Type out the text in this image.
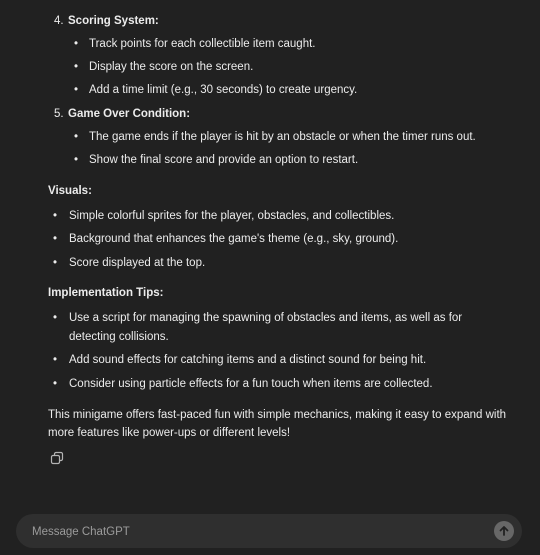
4. Scoring System:
• Track points for each collectible item caught.
• Display the score on the screen.
• Add a time limit (e.g., 30 seconds) to create urgency.
5. Game Over Condition:
• The game ends if the player is hit by an obstacle or when the timer runs out.
• Show the final score and provide an option to restart.
Visuals:
• Simple colorful sprites for the player, obstacles, and collectibles.
• Background that enhances the game's theme (e.g., sky, ground).
• Score displayed at the top.
Implementation Tips:
• Use a script for managing the spawning of obstacles and items, as well as for detecting collisions.
• Add sound effects for catching items and a distinct sound for being hit.
• Consider using particle effects for a fun touch when items are collected.
This minigame offers fast-paced fun with simple mechanics, making it easy to expand with more features like power-ups or different levels!
Message ChatGPT
